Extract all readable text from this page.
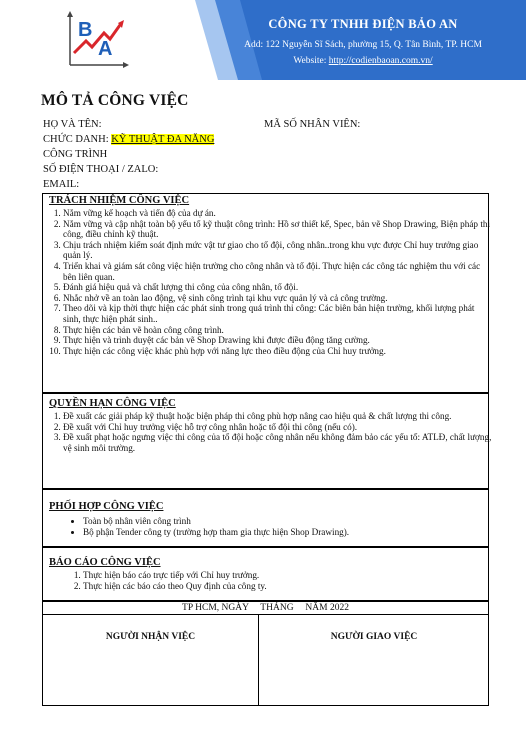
B
A
CÔNG TY TNHH ĐIỆN BẢO AN
Add: 122 Nguyễn Sĩ Sách, phường 15, Q. Tân Bình, TP. HCM
Website: http://codienbaoan.com.vn/
MÔ TẢ CÔNG VIỆC
HỌ VÀ TÊN:	MÃ SỐ NHÂN VIÊN:
CHỨC DANH: KỸ THUẬT ĐA NĂNG
CÔNG TRÌNH
SỐ ĐIỆN THOẠI / ZALO:
EMAIL:
TRÁCH NHIỆM CÔNG VIỆC
1. Nắm vững kế hoạch và tiến độ của dự án.
2. Nắm vững và cập nhật toàn bộ yếu tố kỹ thuật công trình: Hồ sơ thiết kế, Spec, bản vẽ Shop Drawing, Biện pháp thi công, điều chỉnh kỹ thuật.
3. Chịu trách nhiệm kiểm soát định mức vật tư giao cho tổ đội, công nhân..trong khu vực được Chỉ huy trưởng giao quản lý.
4. Triển khai và giám sát công việc hiện trường cho công nhân và tổ đội. Thực hiện các công tác nghiệm thu với các bên liên quan.
5. Đánh giá hiệu quả và chất lượng thi công của công nhân, tổ đội.
6. Nhắc nhở về an toàn lao động, vệ sinh công trình tại khu vực quản lý và cả công trường.
7. Theo dõi và kịp thời thực hiện các phát sinh trong quá trình thi công: Các biên bản hiện trường, khối lượng phát sinh, thực hiện phát sinh..
8. Thực hiện các bản vẽ hoàn công công trình.
9. Thực hiện và trình duyệt các bản vẽ Shop Drawing khi được điều động tăng cường.
10. Thực hiện các công việc khác phù hợp với năng lực theo điều động của Chỉ huy trưởng.
QUYỀN HẠN CÔNG VIỆC
1. Đề xuất các giải pháp kỹ thuật hoặc biện pháp thi công phù hợp nâng cao hiệu quả & chất lượng thi công.
2. Đề xuất với Chỉ huy trưởng việc hỗ trợ công nhân hoặc tổ đội thi công (nếu có).
3. Đề xuất phạt hoặc ngưng việc thi công của tổ đội hoặc công nhân nếu không đảm bảo các yếu tố: ATLĐ, chất lượng, vệ sinh môi trường.
PHỐI HỢP CÔNG VIỆC
• Toàn bộ nhân viên công trình
• Bộ phận Tender công ty (trường hợp tham gia thực hiện Shop Drawing).
BÁO CÁO CÔNG VIỆC
1. Thực hiện báo cáo trực tiếp với Chỉ huy trưởng.
2. Thực hiện các báo cáo theo Quy định của công ty.
TP HCM, NGÀY     THÁNG     NĂM 2022
NGƯỜI NHẬN VIỆC	NGƯỜI GIAO VIỆC
